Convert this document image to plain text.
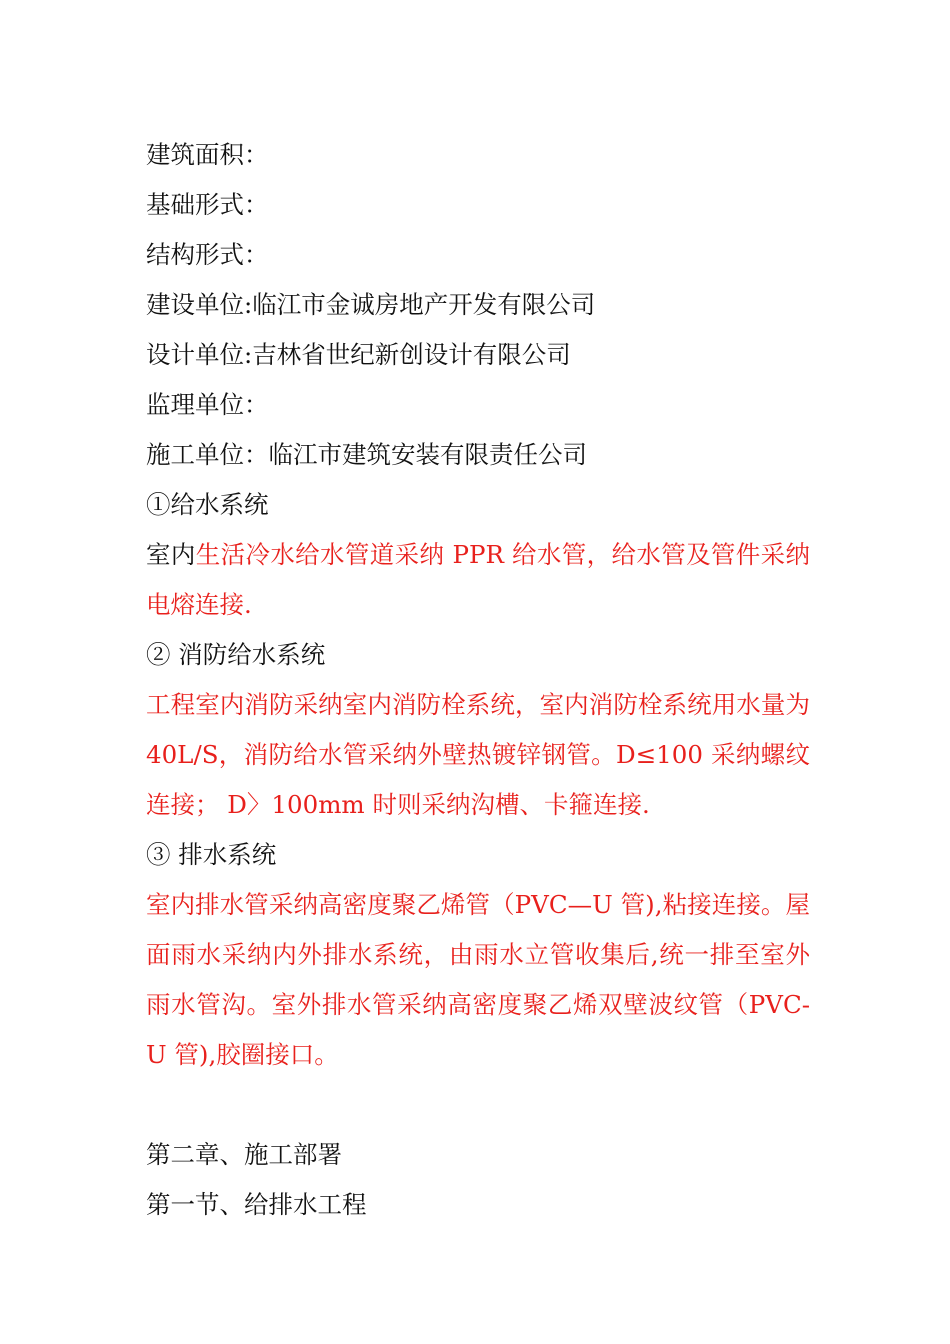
建筑面积：
基础形式：
结构形式：
建设单位:临江市金诚房地产开发有限公司
设计单位:吉林省世纪新创设计有限公司
监理单位：
施工单位：临江市建筑安装有限责任公司
①给水系统
室内生活冷水给水管道采纳 PPR 给水管，给水管及管件采纳电熔连接.
② 消防给水系统
工程室内消防采纳室内消防栓系统，室内消防栓系统用水量为 40L/S，消防给水管采纳外壁热镀锌钢管。D≤100 采纳螺纹连接； D〉100mm 时则采纳沟槽、卡箍连接.
③ 排水系统
室内排水管采纳高密度聚乙烯管（PVC—U 管),粘接连接。屋面雨水采纳内外排水系统，由雨水立管收集后,统一排至室外雨水管沟。室外排水管采纳高密度聚乙烯双壁波纹管（PVC-U 管),胶圈接口。
第二章、施工部署
第一节、给排水工程
